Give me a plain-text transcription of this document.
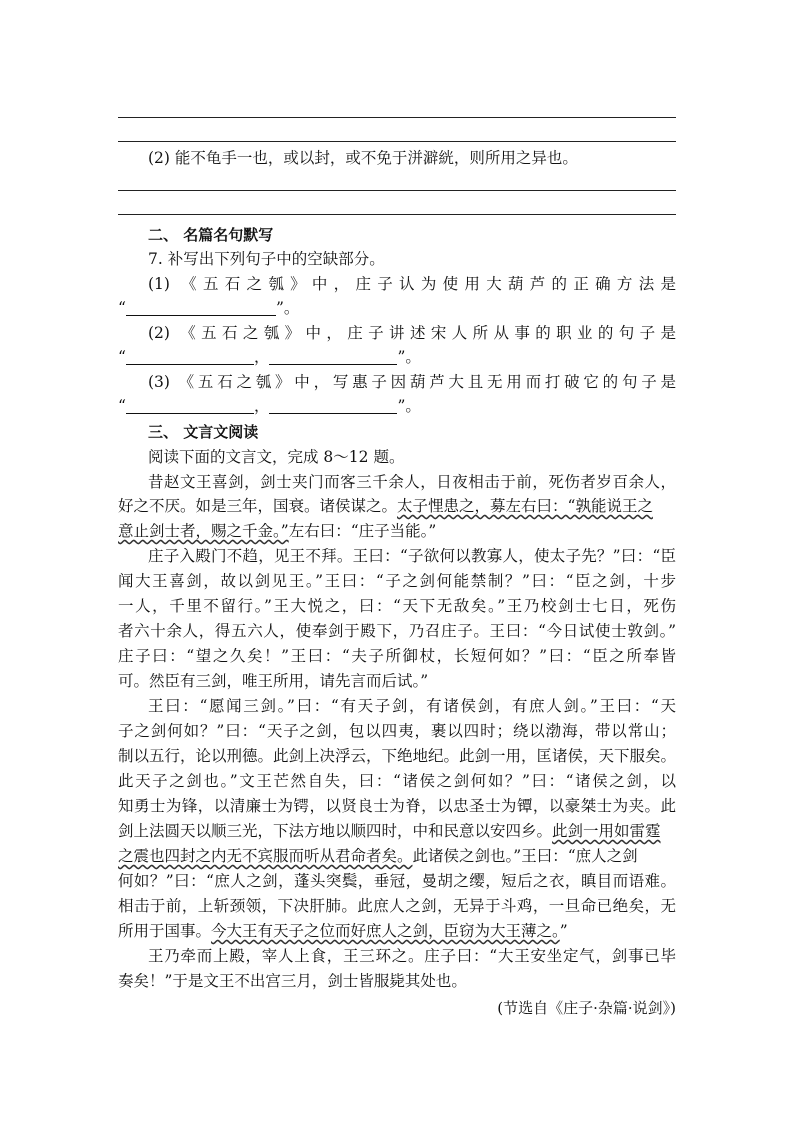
(2) 能不龟手一也，或以封，或不免于洴澼絖，则所用之异也。
二、 名篇名句默写
7. 补写出下列句子中的空缺部分。
(1) 《五石之瓠》中，庄子认为使用大葫芦的正确方法是
“	”。
(2) 《五石之瓠》中，庄子讲述宋人所从事的职业的句子是
“	，	”。
(3) 《五石之瓠》中，写惠子因葫芦大且无用而打破它的句子是
“	，	”。
三、 文言文阅读
阅读下面的文言文，完成 8～12 题。
昔赵文王喜剑，剑士夹门而客三千余人，日夜相击于前，死伤者岁百余人，
好之不厌。如是三年，国衰。诸侯谋之。太子悝患之，募左右曰：“孰能说王之
意止剑士者，赐之千金。”左右曰：“庄子当能。”
庄子入殿门不趋，见王不拜。王曰：“子欲何以教寡人，使太子先？”曰：“臣
闻大王喜剑，故以剑见王。”王曰：“子之剑何能禁制？”曰：“臣之剑，十步
一人，千里不留行。”王大悦之，曰：“天下无敌矣。”王乃校剑士七日，死伤
者六十余人，得五六人，使奉剑于殿下，乃召庄子。王曰：“今日试使士敦剑。”
庄子曰：“望之久矣！”王曰：“夫子所御杖，长短何如？”曰：“臣之所奉皆
可。然臣有三剑，唯王所用，请先言而后试。”
王曰：“愿闻三剑。”曰：“有天子剑，有诸侯剑，有庶人剑。”王曰：“天
子之剑何如？”曰：“天子之剑，包以四夷，裹以四时；绕以渤海，带以常山；
制以五行，论以刑德。此剑上决浮云，下绝地纪。此剑一用，匡诸侯，天下服矣。
此天子之剑也。”文王芒然自失，曰：“诸侯之剑何如？”曰：“诸侯之剑，以
知勇士为锋，以清廉士为锷，以贤良士为脊，以忠圣士为镡，以豪桀士为夹。此
剑上法圆天以顺三光，下法方地以顺四时，中和民意以安四乡。此剑一用如雷霆
之震也四封之内无不宾服而听从君命者矣。此诸侯之剑也。”王曰：“庶人之剑
何如？”曰：“庶人之剑，蓬头突鬓，垂冠，曼胡之缨，短后之衣，瞋目而语难。
相击于前，上斩颈领，下决肝肺。此庶人之剑，无异于斗鸡，一旦命已绝矣，无
所用于国事。今大王有天子之位而好庶人之剑，臣窃为大王薄之。”
王乃牵而上殿，宰人上食，王三环之。庄子曰：“大王安坐定气，剑事已毕
奏矣！”于是文王不出宫三月，剑士皆服毙其处也。
(节选自《庄子·杂篇·说剑》)
